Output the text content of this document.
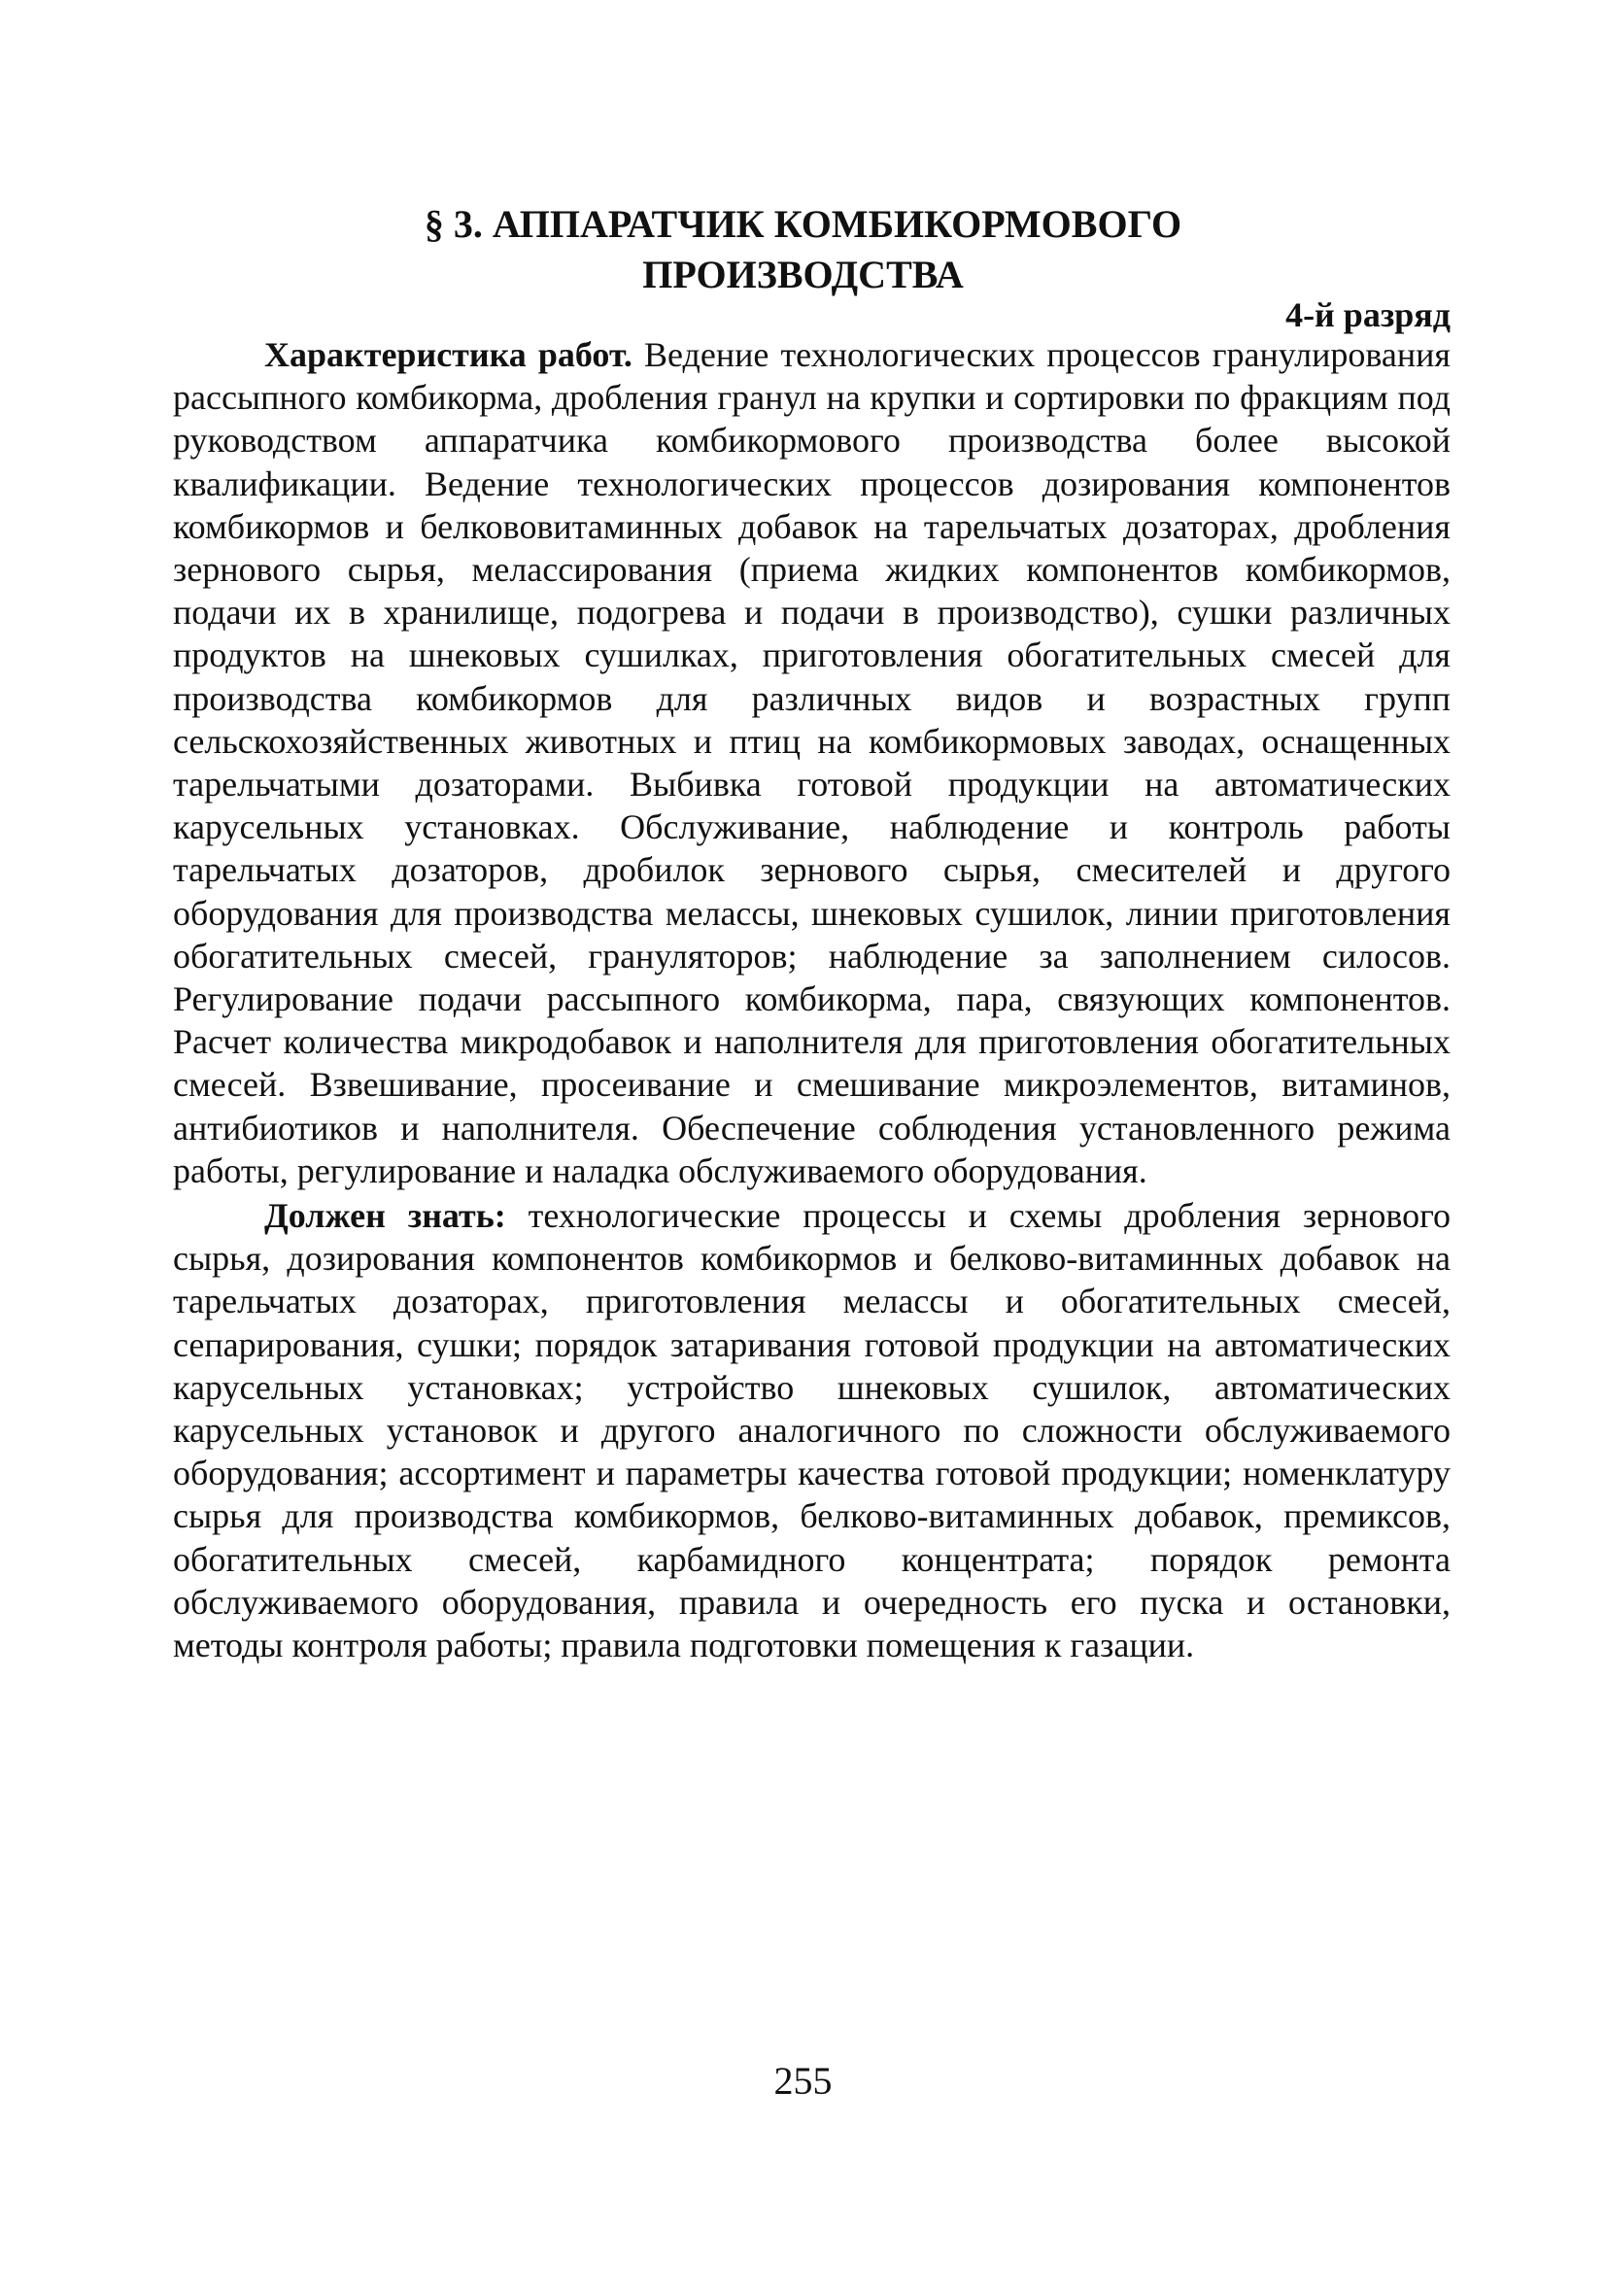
§ 3. АППАРАТЧИК КОМБИКОРМОВОГО
ПРОИЗВОДСТВА
4-й разряд

Характеристика работ. Ведение технологических процессов гранулирования рассыпного комбикорма, дробления гранул на крупки и сортировки по фракциям под руководством аппаратчика комбикормового производства более высокой квалификации. Ведение технологических процессов дозирования компонентов комбикормов и белкововитаминных добавок на тарельчатых дозаторах, дробления зернового сырья, мелассирования (приема жидких компонентов комбикормов, подачи их в хранилище, подогрева и подачи в производство), сушки различных продуктов на шнековых сушилках, приготовления обогатительных смесей для производства комбикормов для различных видов и возрастных групп сельскохозяйственных животных и птиц на комбикормовых заводах, оснащенных тарельчатыми дозаторами. Выбивка готовой продукции на автоматических карусельных установках. Обслуживание, наблюдение и контроль работы тарельчатых дозаторов, дробилок зернового сырья, смесителей и другого оборудования для производства мелассы, шнековых сушилок, линии приготовления обогатительных смесей, грануляторов; наблюдение за заполнением силосов. Регулирование подачи рассыпного комбикорма, пара, связующих компонентов. Расчет количества микродобавок и наполнителя для приготовления обогатительных смесей. Взвешивание, просеивание и смешивание микроэлементов, витаминов, антибиотиков и наполнителя. Обеспечение соблюдения установленного режима работы, регулирование и наладка обслуживаемого оборудования.

Должен знать: технологические процессы и схемы дробления зернового сырья, дозирования компонентов комбикормов и белково-витаминных добавок на тарельчатых дозаторах, приготовления мелассы и обогатительных смесей, сепарирования, сушки; порядок затаривания готовой продукции на автоматических карусельных установках; устройство шнековых сушилок, автоматических карусельных установок и другого аналогичного по сложности обслуживаемого оборудования; ассортимент и параметры качества готовой продукции; номенклатуру сырья для производства комбикормов, белково-витаминных добавок, премиксов, обогатительных смесей, карбамидного концентрата; порядок ремонта обслуживаемого оборудования, правила и очередность его пуска и остановки, методы контроля работы; правила подготовки помещения к газации.

255
